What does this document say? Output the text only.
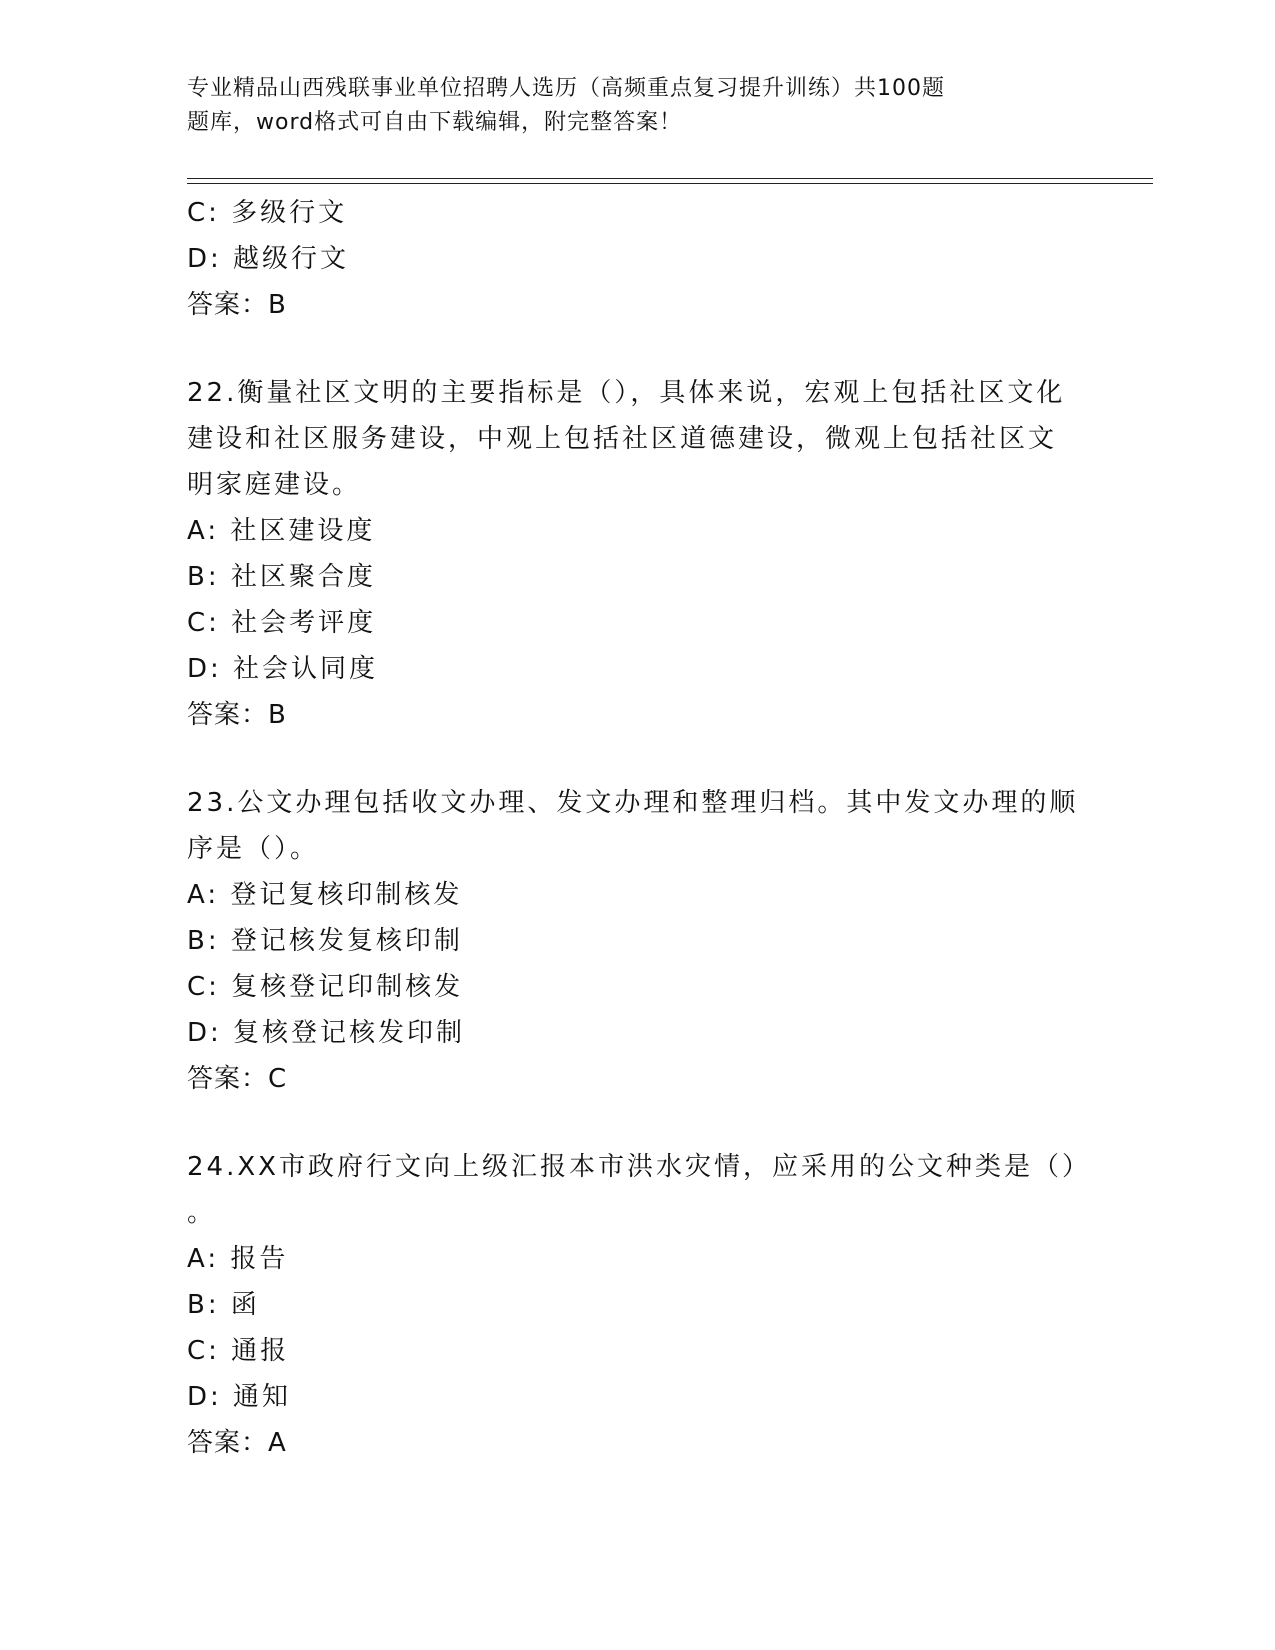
专业精品山西残联事业单位招聘人选历（高频重点复习提升训练）共100题
题库，word格式可自由下载编辑，附完整答案！
C: 多级行文
D: 越级行文
答案：B
22.衡量社区文明的主要指标是（），具体来说，宏观上包括社区文化
建设和社区服务建设，中观上包括社区道德建设，微观上包括社区文
明家庭建设。
A: 社区建设度
B: 社区聚合度
C: 社会考评度
D: 社会认同度
答案：B
23.公文办理包括收文办理、发文办理和整理归档。其中发文办理的顺
序是（）。
A: 登记复核印制核发
B: 登记核发复核印制
C: 复核登记印制核发
D: 复核登记核发印制
答案：C
24.XX市政府行文向上级汇报本市洪水灾情，应采用的公文种类是（）
。
A: 报告
B: 函
C: 通报
D: 通知
答案：A
